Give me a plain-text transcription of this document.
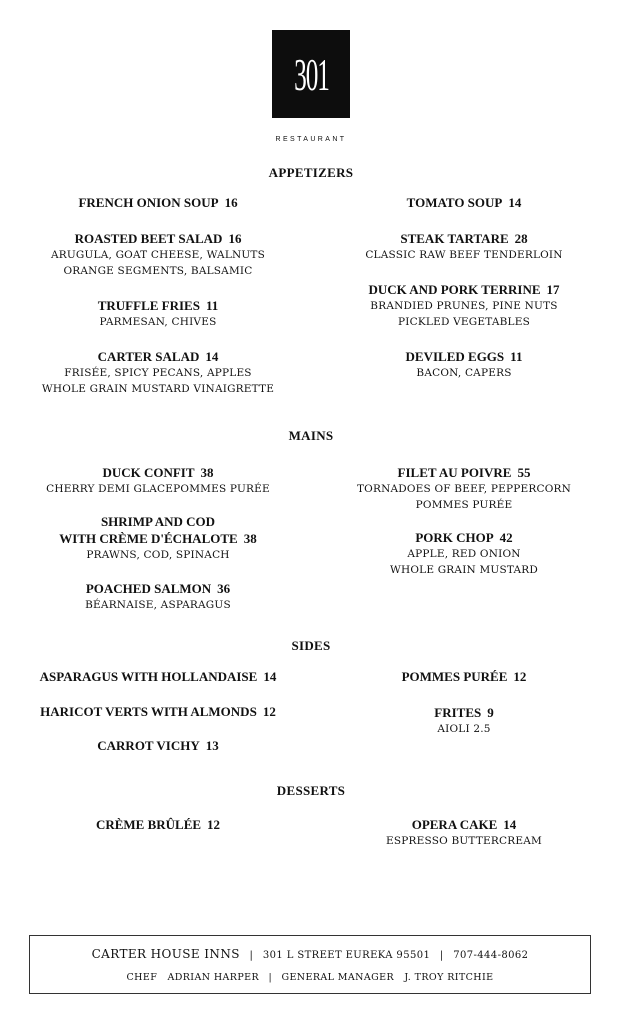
301
RESTAURANT
APPETIZERS
FRENCH ONION SOUP 16
ROASTED BEET SALAD 16
ARUGULA, GOAT CHEESE, WALNUTS
ORANGE SEGMENTS, BALSAMIC
TRUFFLE FRIES 11
PARMESAN, CHIVES
CARTER SALAD 14
FRISÉE, SPICY PECANS, APPLES
WHOLE GRAIN MUSTARD VINAIGRETTE
TOMATO SOUP 14
STEAK TARTARE 28
CLASSIC RAW BEEF TENDERLOIN
DUCK AND PORK TERRINE 17
BRANDIED PRUNES, PINE NUTS
PICKLED VEGETABLES
DEVILED EGGS 11
BACON, CAPERS
MAINS
DUCK CONFIT 38
CHERRY DEMI GLACEPOMMES PURÉE
SHRIMP AND COD
WITH CRÈME D'ÉCHALOTE 38
PRAWNS, COD, SPINACH
POACHED SALMON 36
BÉARNAISE, ASPARAGUS
FILET AU POIVRE 55
TORNADOES OF BEEF, PEPPERCORN
POMMES PURÉE
PORK CHOP 42
APPLE, RED ONION
WHOLE GRAIN MUSTARD
SIDES
ASPARAGUS WITH HOLLANDAISE 14
HARICOT VERTS WITH ALMONDS 12
CARROT VICHY 13
POMMES PURÉE 12
FRITES 9
AIOLI 2.5
DESSERTS
CRÈME BRÛLÉE 12	OPERA CAKE 14
ESPRESSO BUTTERCREAM
CARTER HOUSE INNS | 301 L STREET EUREKA 95501 | 707-444-8062
CHEF ADRIAN HARPER | GENERAL MANAGER J. TROY RITCHIE
